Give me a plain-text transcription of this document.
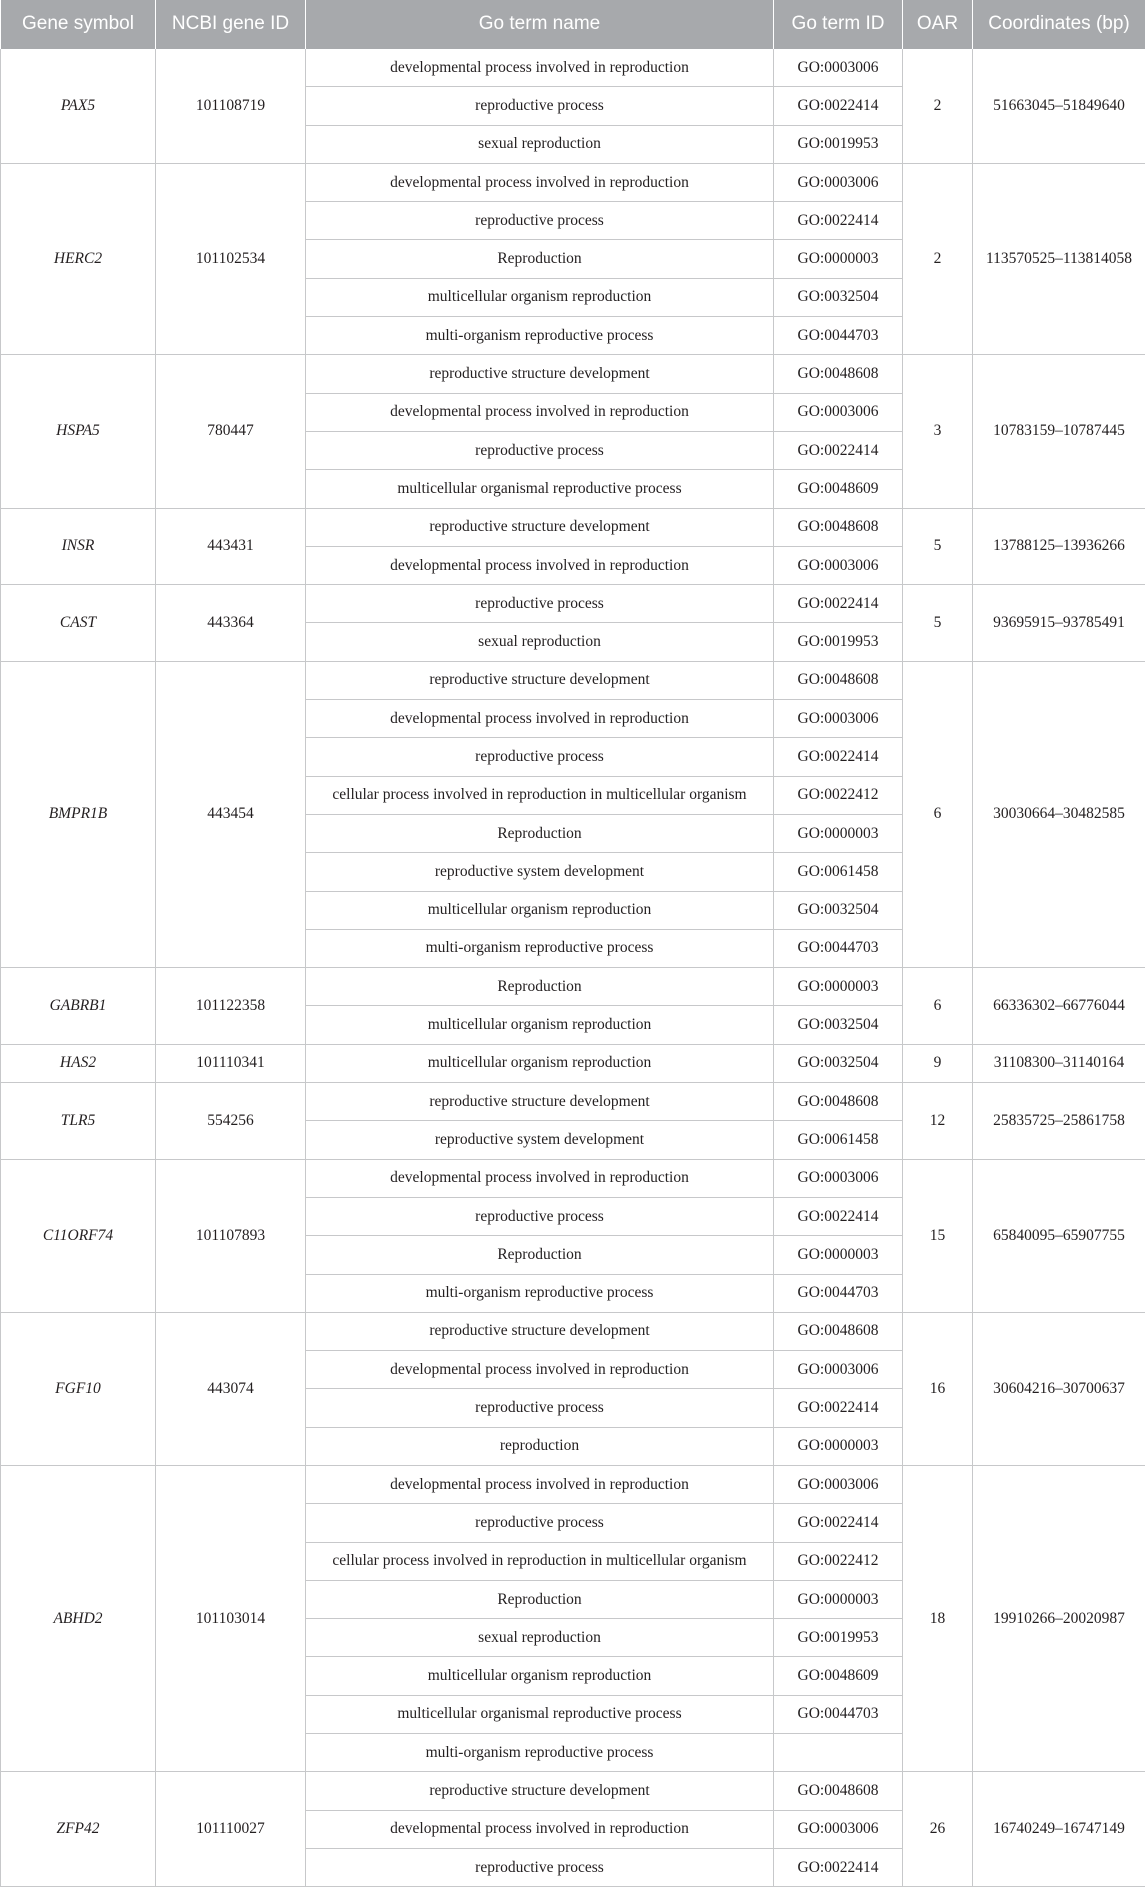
Gene symbol	NCBI gene ID	Go term name	Go term ID	OAR	Coordinates (bp)
PAX5	101108719	developmental process involved in reproduction	GO:0003006	2	51663045–51849640
		reproductive process	GO:0022414		
		sexual reproduction	GO:0019953		
HERC2	101102534	developmental process involved in reproduction	GO:0003006	2	113570525–113814058
		reproductive process	GO:0022414		
		Reproduction	GO:0000003		
		multicellular organism reproduction	GO:0032504		
		multi-organism reproductive process	GO:0044703		
HSPA5	780447	reproductive structure development	GO:0048608	3	10783159–10787445
		developmental process involved in reproduction	GO:0003006		
		reproductive process	GO:0022414		
		multicellular organismal reproductive process	GO:0048609		
INSR	443431	reproductive structure development	GO:0048608	5	13788125–13936266
		developmental process involved in reproduction	GO:0003006		
CAST	443364	reproductive process	GO:0022414	5	93695915–93785491
		sexual reproduction	GO:0019953		
BMPR1B	443454	reproductive structure development	GO:0048608	6	30030664–30482585
		developmental process involved in reproduction	GO:0003006		
		reproductive process	GO:0022414		
		cellular process involved in reproduction in multicellular organism	GO:0022412		
		Reproduction	GO:0000003		
		reproductive system development	GO:0061458		
		multicellular organism reproduction	GO:0032504		
		multi-organism reproductive process	GO:0044703		
GABRB1	101122358	Reproduction	GO:0000003	6	66336302–66776044
		multicellular organism reproduction	GO:0032504		
HAS2	101110341	multicellular organism reproduction	GO:0032504	9	31108300–31140164
TLR5	554256	reproductive structure development	GO:0048608	12	25835725–25861758
		reproductive system development	GO:0061458		
C11ORF74	101107893	developmental process involved in reproduction	GO:0003006	15	65840095–65907755
		reproductive process	GO:0022414		
		Reproduction	GO:0000003		
		multi-organism reproductive process	GO:0044703		
FGF10	443074	reproductive structure development	GO:0048608	16	30604216–30700637
		developmental process involved in reproduction	GO:0003006		
		reproductive process	GO:0022414		
		reproduction	GO:0000003		
ABHD2	101103014	developmental process involved in reproduction	GO:0003006	18	19910266–20020987
		reproductive process	GO:0022414		
		cellular process involved in reproduction in multicellular organism	GO:0022412		
		Reproduction	GO:0000003		
		sexual reproduction	GO:0019953		
		multicellular organism reproduction	GO:0048609		
		multicellular organismal reproductive process	GO:0044703		
		multi-organism reproductive process			
ZFP42	101110027	reproductive structure development	GO:0048608	26	16740249–16747149
		developmental process involved in reproduction	GO:0003006		
		reproductive process	GO:0022414		
